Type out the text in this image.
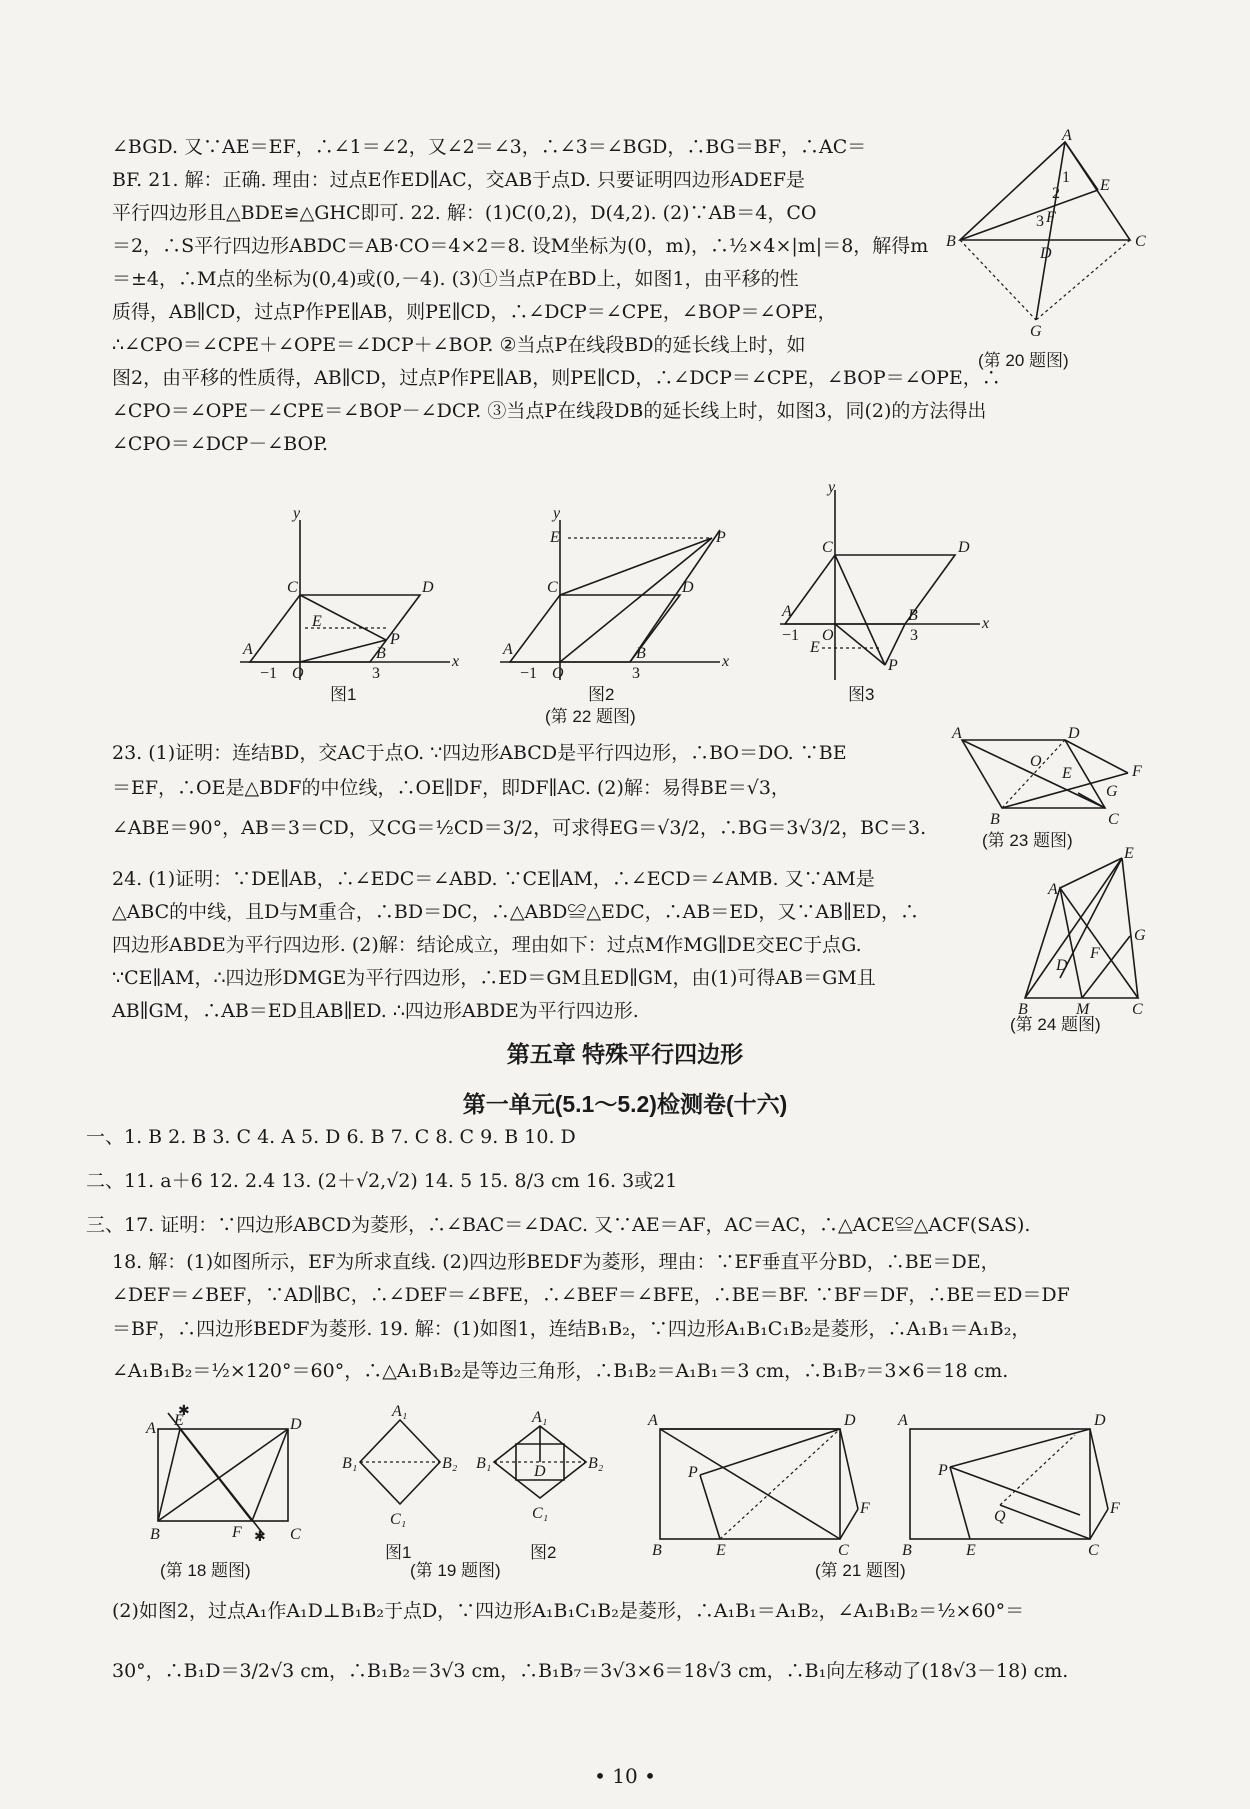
∠BGD. 又∵AE＝EF，∴∠1＝∠2，又∠2＝∠3，∴∠3＝∠BGD，∴BG＝BF，∴AC＝
BF. 21. 解：正确. 理由：过点E作ED∥AC，交AB于点D. 只要证明四边形ADEF是
平行四边形且△BDE≌△GHC即可. 22. 解：(1)C(0,2)，D(4,2). (2)∵AB＝4，CO
＝2，∴S平行四边形ABDC＝AB·CO＝4×2＝8. 设M坐标为(0，m)，∴½×4×|m|＝8，解得m
＝±4，∴M点的坐标为(0,4)或(0,－4). (3)①当点P在BD上，如图1，由平移的性
质得，AB∥CD，过点P作PE∥AB，则PE∥CD，∴∠DCP＝∠CPE，∠BOP＝∠OPE，
∴∠CPO＝∠CPE＋∠OPE＝∠DCP＋∠BOP. ②当点P在线段BD的延长线上时，如
图2，由平移的性质得，AB∥CD，过点P作PE∥AB，则PE∥CD，∴∠DCP＝∠CPE，∠BOP＝∠OPE，∴
∠CPO＝∠OPE－∠CPE＝∠BOP－∠DCP. ③当点P在线段DB的延长线上时，如图3，同(2)的方法得出
∠CPO＝∠DCP－∠BOP.
A
E
B	C
D
F
G
1
2
3
(第 20 题图)
y
x
A
C	D
E
P
B
−1 O	3
图1
y
x
E	P
A
C	D
B
−1 O	3
图2
y
x
A
C	D
B
E
P
−1 O	3
图3
(第 22 题图)
23. (1)证明：连结BD，交AC于点O. ∵四边形ABCD是平行四边形，∴BO＝DO. ∵BE
＝EF，∴OE是△BDF的中位线，∴OE∥DF，即DF∥AC. (2)解：易得BE＝√3，
∠ABE＝90°，AB＝3＝CD，又CG＝½CD＝3/2，可求得EG＝√3/2，∴BG＝3√3/2，BC＝3.
A	D
O
E	F
G
B	C
(第 23 题图)
24. (1)证明：∵DE∥AB，∴∠EDC＝∠ABD. ∵CE∥AM，∴∠ECD＝∠AMB. 又∵AM是
△ABC的中线，且D与M重合，∴BD＝DC，∴△ABD≌△EDC，∴AB＝ED，又∵AB∥ED，∴
四边形ABDE为平行四边形. (2)解：结论成立，理由如下：过点M作MG∥DE交EC于点G.
∵CE∥AM，∴四边形DMGE为平行四边形，∴ED＝GM且ED∥GM，由(1)可得AB＝GM且
AB∥GM，∴AB＝ED且AB∥ED. ∴四边形ABDE为平行四边形.
E
A
G
F
D
B	M	C
(第 24 题图)
第五章 特殊平行四边形
第一单元(5.1～5.2)检测卷(十六)
一、1. B 2. B 3. C 4. A 5. D 6. B 7. C 8. C 9. B 10. D
二、11. a＋6 12. 2.4 13. (2＋√2,√2) 14. 5 15. 8/3 cm 16. 3或21
三、17. 证明：∵四边形ABCD为菱形，∴∠BAC＝∠DAC. 又∵AE＝AF，AC＝AC，∴△ACE≌△ACF(SAS).
18. 解：(1)如图所示，EF为所求直线. (2)四边形BEDF为菱形，理由：∵EF垂直平分BD，∴BE＝DE，
∠DEF＝∠BEF，∵AD∥BC，∴∠DEF＝∠BFE，∴∠BEF＝∠BFE，∴BE＝BF. ∵BF＝DF，∴BE＝ED＝DF
＝BF，∴四边形BEDF为菱形. 19. 解：(1)如图1，连结B₁B₂，∵四边形A₁B₁C₁B₂是菱形，∴A₁B₁＝A₁B₂，
∠A₁B₁B₂＝½×120°＝60°，∴△A₁B₁B₂是等边三角形，∴B₁B₂＝A₁B₁＝3 cm，∴B₁B₇＝3×6＝18 cm.
A E	D
B	F	C
✱
✱
(第 18 题图)
A₁
B₁	B₂
C₁
图1
A₁
B₁	B₂
D
C₁
图2
(第 19 题图)
A	D
P
F
B	E	C
A	D
P
Q	F
B	E	C
(第 21 题图)
(2)如图2，过点A₁作A₁D⊥B₁B₂于点D，∵四边形A₁B₁C₁B₂是菱形，∴A₁B₁＝A₁B₂，∠A₁B₁B₂＝½×60°＝
30°，∴B₁D＝3/2√3 cm，∴B₁B₂＝3√3 cm，∴B₁B₇＝3√3×6＝18√3 cm，∴B₁向左移动了(18√3－18) cm.
• 10 •
